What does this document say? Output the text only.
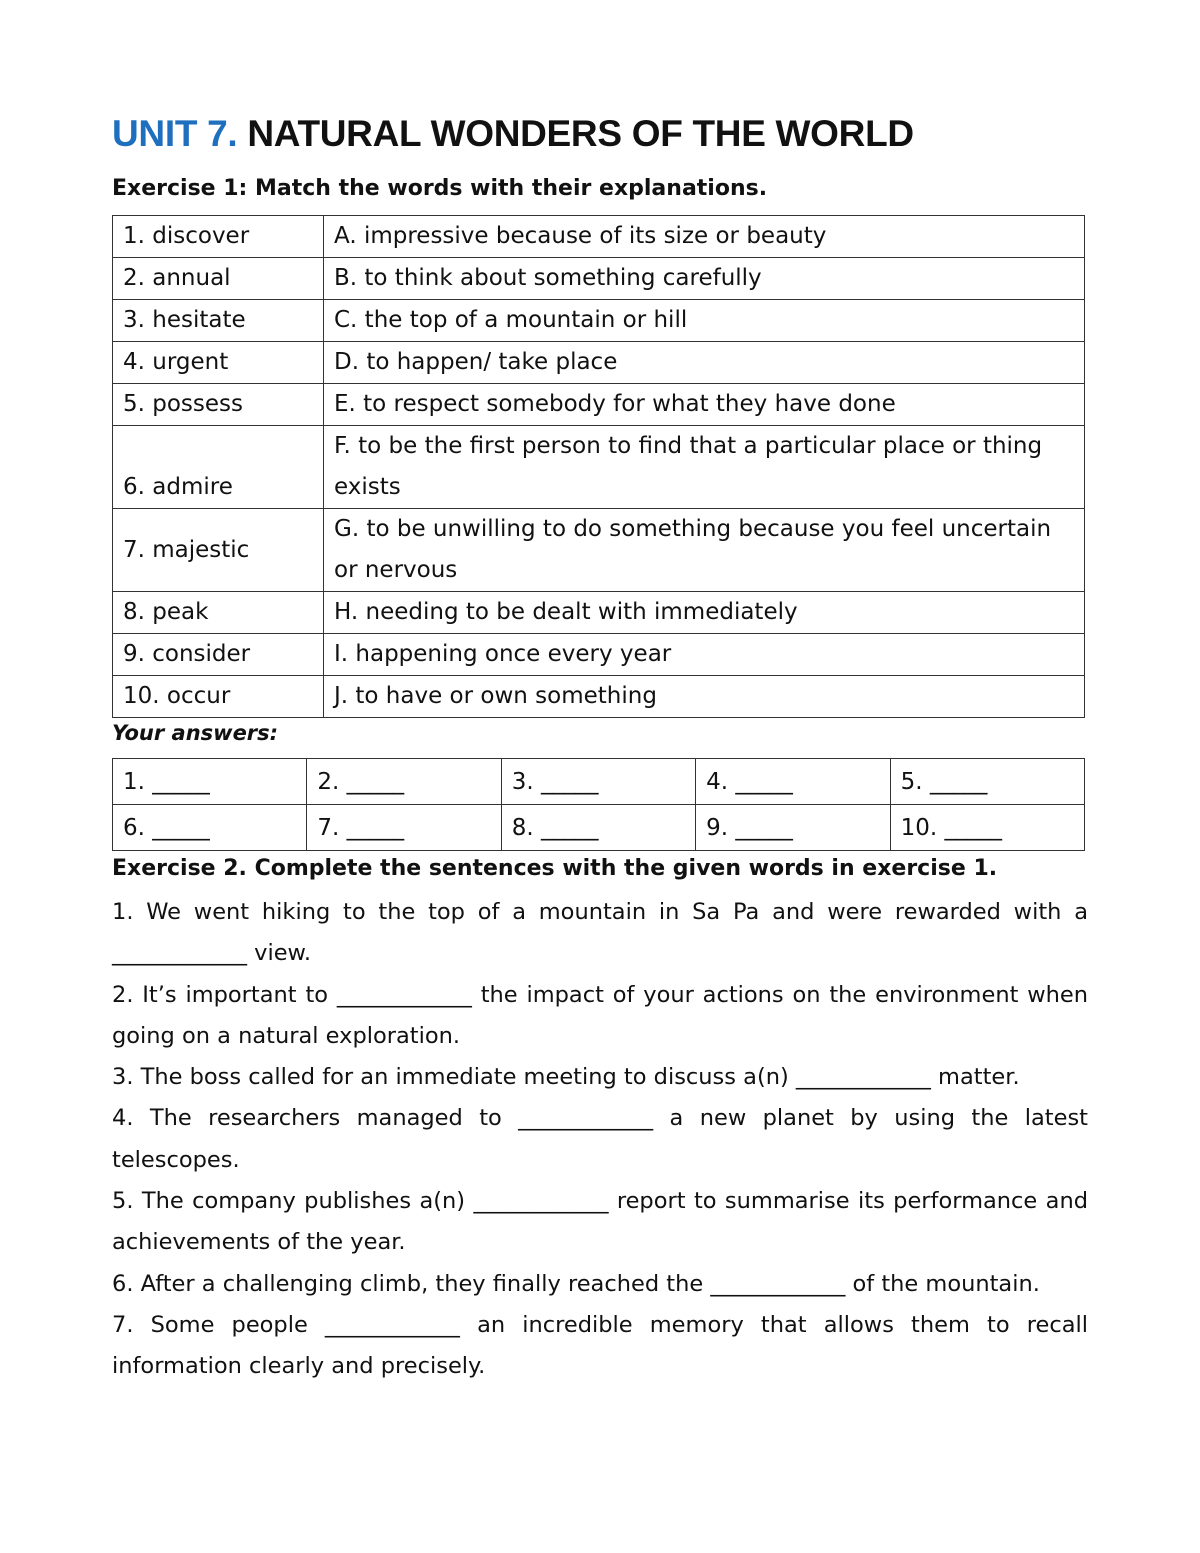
UNIT 7. NATURAL WONDERS OF THE WORLD
Exercise 1: Match the words with their explanations.
1. discover	A. impressive because of its size or beauty
2. annual	B. to think about something carefully
3. hesitate	C. the top of a mountain or hill
4. urgent	D. to happen/ take place
5. possess	E. to respect somebody for what they have done
6. admire	F. to be the first person to find that a particular place or thing exists
7. majestic	G. to be unwilling to do something because you feel uncertain or nervous
8. peak	H. needing to be dealt with immediately
9. consider	I. happening once every year
10. occur	J. to have or own something
Your answers:
1. _____	2. _____	3. _____	4. _____	5. _____
6. _____	7. _____	8. _____	9. _____	10. _____
Exercise 2. Complete the sentences with the given words in exercise 1.

1. We went hiking to the top of a mountain in Sa Pa and were rewarded with a ____________ view.

2. It’s important to ____________ the impact of your actions on the environment when going on a natural exploration.

3. The boss called for an immediate meeting to discuss a(n) ____________ matter.

4. The researchers managed to ____________ a new planet by using the latest telescopes.

5. The company publishes a(n) ____________ report to summarise its performance and achievements of the year.

6. After a challenging climb, they finally reached the ____________ of the mountain.

7. Some people ____________ an incredible memory that allows them to recall information clearly and precisely.
